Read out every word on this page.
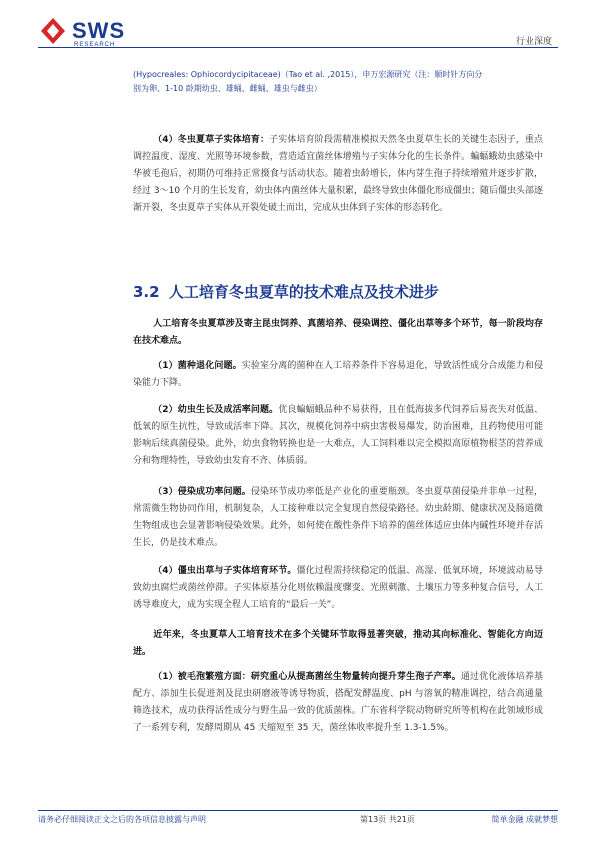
SWS
RESEARCH	行业深度
(Hypocreales: Ophiocordycipitaceae)（Tao et al. ,2015），申万宏源研究（注：顺时针方向分
别为卵、1-10 龄期幼虫、雄蛹、雌蛹、雄虫与雌虫）
（4）冬虫夏草子实体培育：子实体培育阶段需精准模拟天然冬虫夏草生长的关键生态因子，重点调控温度、湿度、光照等环境参数，营造适宜菌丝体增殖与子实体分化的生长条件。蝙蝠蛾幼虫感染中华被毛孢后，初期仍可维持正常摄食与活动状态。随着虫龄增长，体内芽生孢子持续增殖并逐步扩散，经过 3～10 个月的生长发育，幼虫体内菌丝体大量积累，最终导致虫体僵化形成僵虫；随后僵虫头部逐渐开裂，冬虫夏草子实体从开裂处破土而出，完成从虫体到子实体的形态转化。
3.2 人工培育冬虫夏草的技术难点及技术进步
人工培育冬虫夏草涉及寄主昆虫饲养、真菌培养、侵染调控、僵化出草等多个环节，每一阶段均存在技术难点。
（1）菌种退化问题。实验室分离的菌种在人工培养条件下容易退化，导致活性成分合成能力和侵染能力下降。
（2）幼虫生长及成活率问题。优良蝙蝠蛾品种不易获得，且在低海拔多代饲养后易丧失对低温、低氧的原生抗性，导致成活率下降。其次，规模化饲养中病虫害极易爆发，防治困难，且药物使用可能影响后续真菌侵染。此外，幼虫食物转换也是一大难点，人工饲料难以完全模拟高原植物根茎的营养成分和物理特性，导致幼虫发育不齐、体质弱。
（3）侵染成功率问题。侵染环节成功率低是产业化的重要瓶颈。冬虫夏草菌侵染并非单一过程，常需微生物协同作用，机制复杂，人工接种难以完全复现自然侵染路径。幼虫龄期、健康状况及肠道微生物组成也会显著影响侵染效果。此外，如何使在酸性条件下培养的菌丝体适应虫体内碱性环境并存活生长，仍是技术难点。
（4）僵虫出草与子实体培育环节。僵化过程需持续稳定的低温、高湿、低氧环境，环境波动易导致幼虫腐烂或菌丝停滞。子实体原基分化则依赖温度骤变、光照刺激、土壤压力等多种复合信号，人工诱导难度大，成为实现全程人工培育的“最后一关”。
近年来，冬虫夏草人工培育技术在多个关键环节取得显著突破，推动其向标准化、智能化方向迈进。
（1）被毛孢繁殖方面：研究重心从提高菌丝生物量转向提升芽生孢子产率。通过优化液体培养基配方、添加生长促进剂及昆虫研磨液等诱导物质，搭配发酵温度、pH 与溶氧的精准调控，结合高通量筛选技术，成功获得活性成分与野生品一致的优质菌株。广东省科学院动物研究所等机构在此领域形成了一系列专利，发酵周期从 45 天缩短至 35 天，菌丝体收率提升至 1.3-1.5%。
请务必仔细阅读正文之后的各项信息披露与声明	第13页 共21页	简单金融 成就梦想
